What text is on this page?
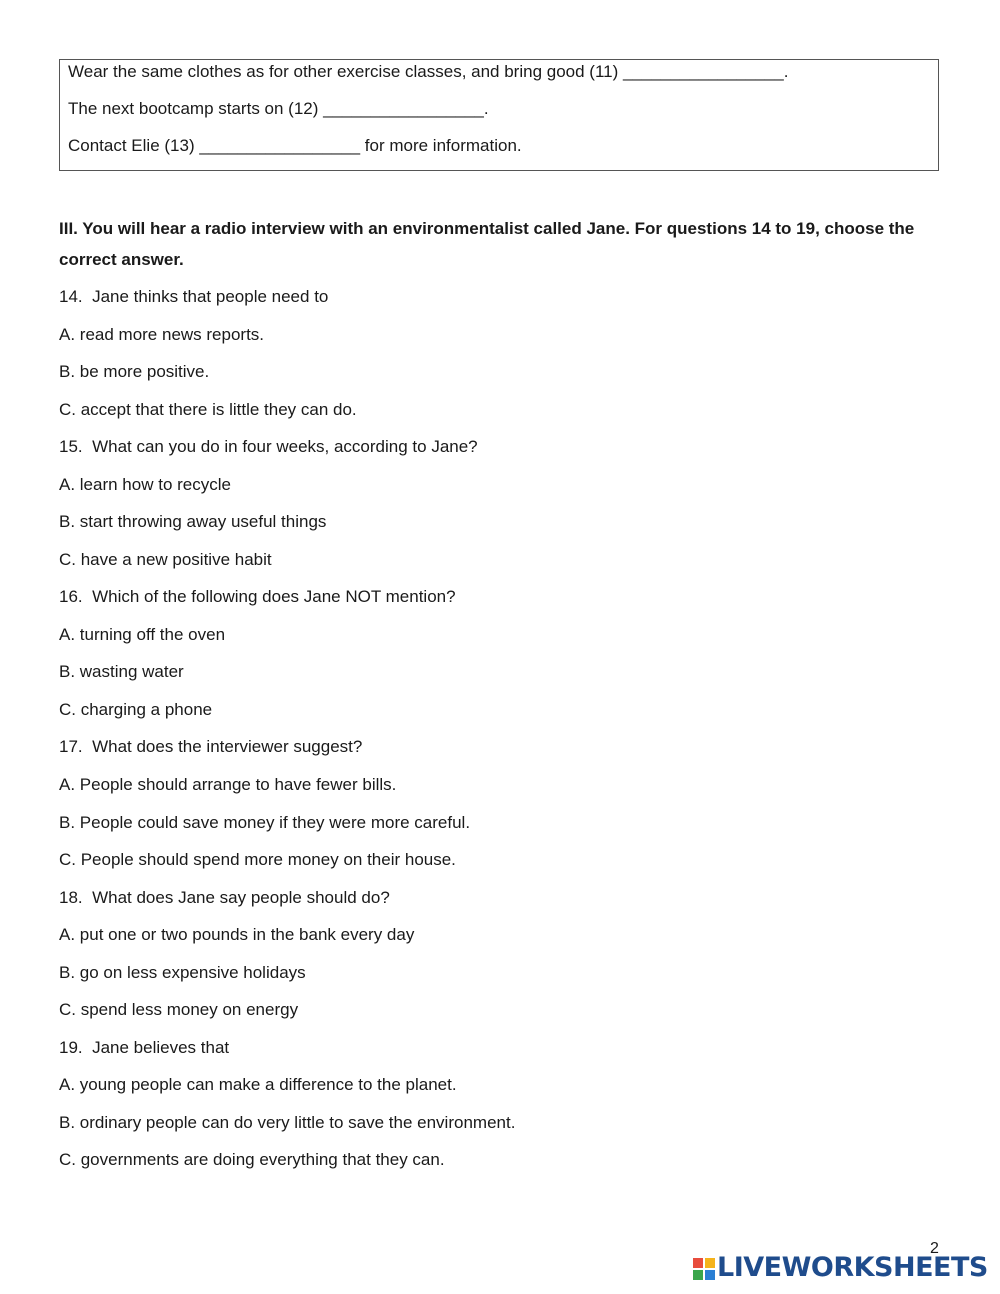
Wear the same clothes as for other exercise classes, and bring good (11) _________________.
The next bootcamp starts on (12) _________________.
Contact Elie (13) _________________ for more information.
III. You will hear a radio interview with an environmentalist called Jane. For questions 14 to 19, choose the correct answer.
14.  Jane thinks that people need to
A. read more news reports.
B. be more positive.
C. accept that there is little they can do.
15.  What can you do in four weeks, according to Jane?
A. learn how to recycle
B. start throwing away useful things
C. have a new positive habit
16.  Which of the following does Jane NOT mention?
A. turning off the oven
B. wasting water
C. charging a phone
17.  What does the interviewer suggest?
A. People should arrange to have fewer bills.
B. People could save money if they were more careful.
C. People should spend more money on their house.
18.  What does Jane say people should do?
A. put one or two pounds in the bank every day
B. go on less expensive holidays
C. spend less money on energy
19.  Jane believes that
A. young people can make a difference to the planet.
B. ordinary people can do very little to save the environment.
C. governments are doing everything that they can.
2
LIVEWORKSHEETS
